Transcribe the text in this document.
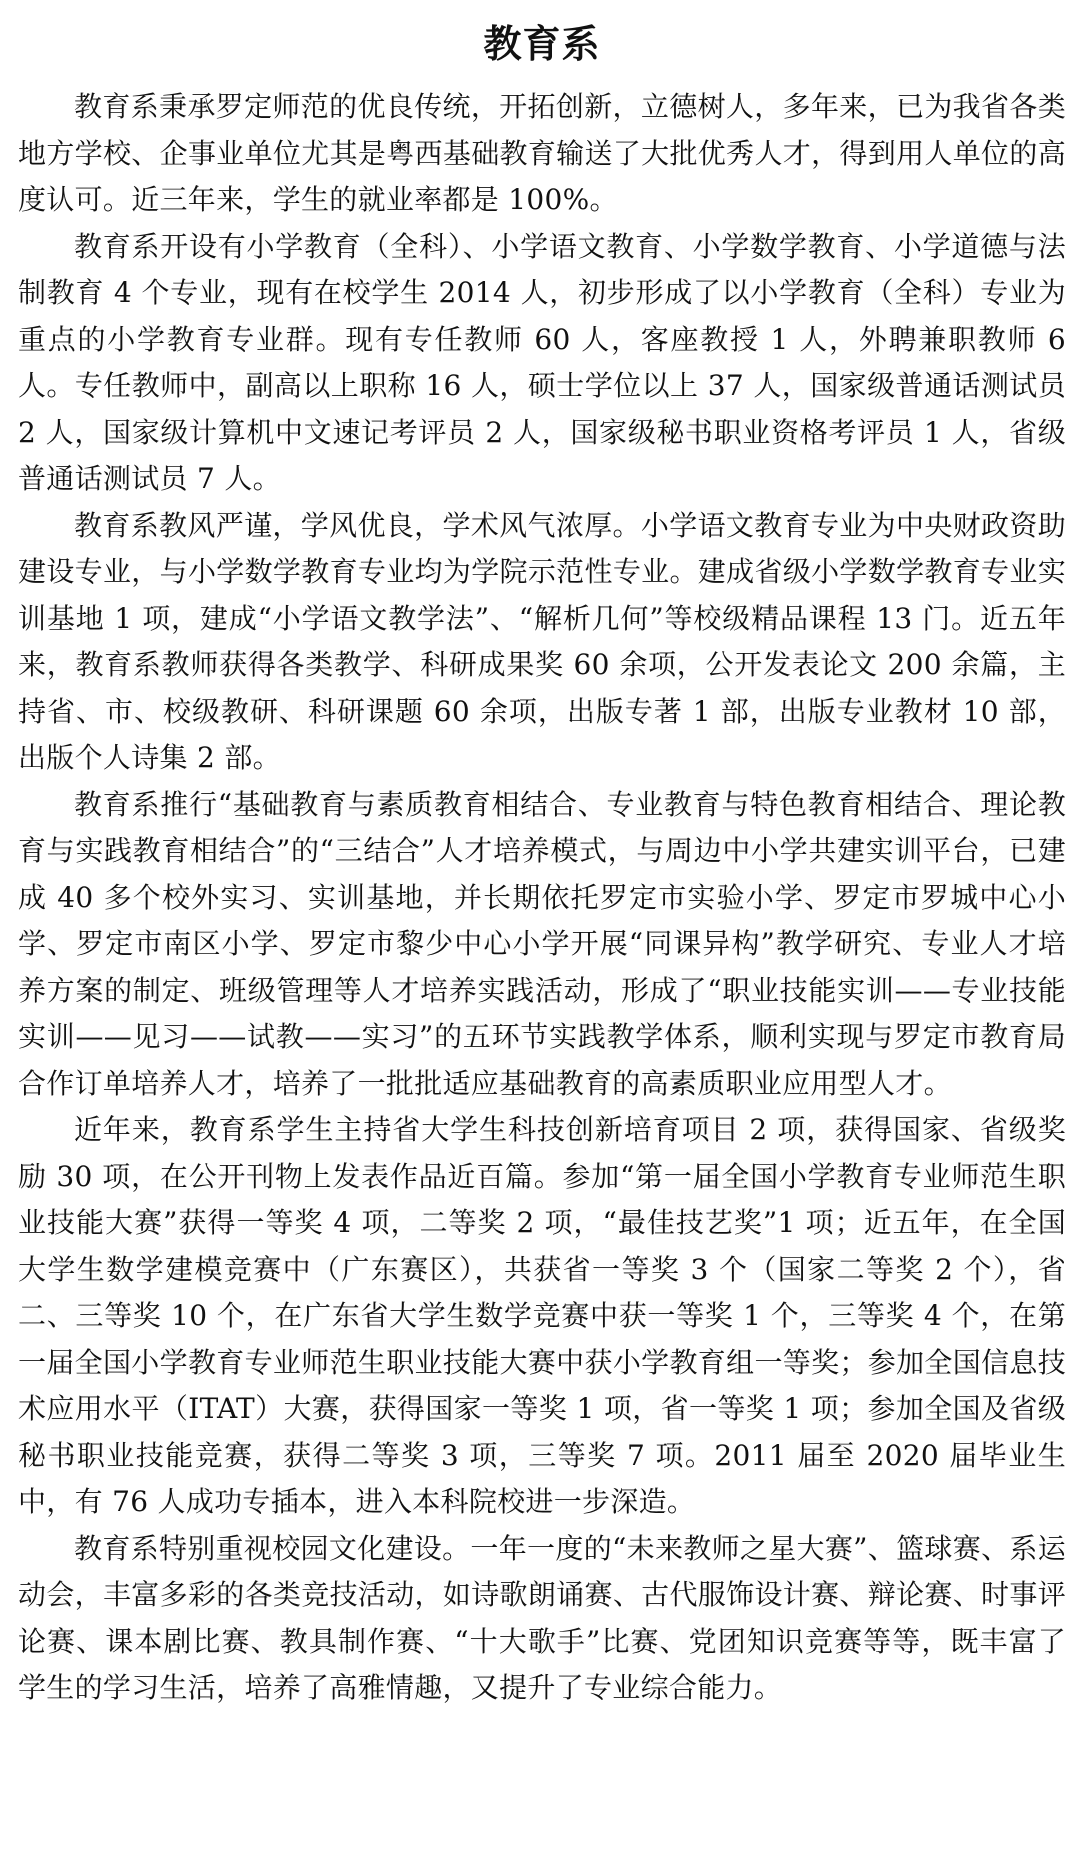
教育系

教育系秉承罗定师范的优良传统，开拓创新，立德树人，多年来，已为我省各类地方学校、企事业单位尤其是粤西基础教育输送了大批优秀人才，得到用人单位的高度认可。近三年来，学生的就业率都是 100%。

教育系开设有小学教育（全科）、小学语文教育、小学数学教育、小学道德与法制教育 4 个专业，现有在校学生 2014 人，初步形成了以小学教育（全科）专业为重点的小学教育专业群。现有专任教师 60 人，客座教授 1 人，外聘兼职教师 6 人。专任教师中，副高以上职称 16 人，硕士学位以上 37 人，国家级普通话测试员 2 人，国家级计算机中文速记考评员 2 人，国家级秘书职业资格考评员 1 人，省级普通话测试员 7 人。

教育系教风严谨，学风优良，学术风气浓厚。小学语文教育专业为中央财政资助建设专业，与小学数学教育专业均为学院示范性专业。建成省级小学数学教育专业实训基地 1 项，建成“小学语文教学法”、“解析几何”等校级精品课程 13 门。近五年来，教育系教师获得各类教学、科研成果奖 60 余项，公开发表论文 200 余篇，主持省、市、校级教研、科研课题 60 余项，出版专著 1 部，出版专业教材 10 部，出版个人诗集 2 部。

教育系推行“基础教育与素质教育相结合、专业教育与特色教育相结合、理论教育与实践教育相结合”的“三结合”人才培养模式，与周边中小学共建实训平台，已建成 40 多个校外实习、实训基地，并长期依托罗定市实验小学、罗定市罗城中心小学、罗定市南区小学、罗定市黎少中心小学开展“同课异构”教学研究、专业人才培养方案的制定、班级管理等人才培养实践活动，形成了“职业技能实训——专业技能实训——见习——试教——实习”的五环节实践教学体系，顺利实现与罗定市教育局合作订单培养人才，培养了一批批适应基础教育的高素质职业应用型人才。

近年来，教育系学生主持省大学生科技创新培育项目 2 项，获得国家、省级奖励 30 项，在公开刊物上发表作品近百篇。参加“第一届全国小学教育专业师范生职业技能大赛”获得一等奖 4 项，二等奖 2 项，“最佳技艺奖”1 项；近五年，在全国大学生数学建模竞赛中（广东赛区），共获省一等奖 3 个（国家二等奖 2 个），省二、三等奖 10 个，在广东省大学生数学竞赛中获一等奖 1 个，三等奖 4 个，在第一届全国小学教育专业师范生职业技能大赛中获小学教育组一等奖；参加全国信息技术应用水平（ITAT）大赛，获得国家一等奖 1 项，省一等奖 1 项；参加全国及省级秘书职业技能竞赛，获得二等奖 3 项，三等奖 7 项。2011 届至 2020 届毕业生中，有 76 人成功专插本，进入本科院校进一步深造。

教育系特别重视校园文化建设。一年一度的“未来教师之星大赛”、篮球赛、系运动会，丰富多彩的各类竞技活动，如诗歌朗诵赛、古代服饰设计赛、辩论赛、时事评论赛、课本剧比赛、教具制作赛、“十大歌手”比赛、党团知识竞赛等等，既丰富了学生的学习生活，培养了高雅情趣，又提升了专业综合能力。
